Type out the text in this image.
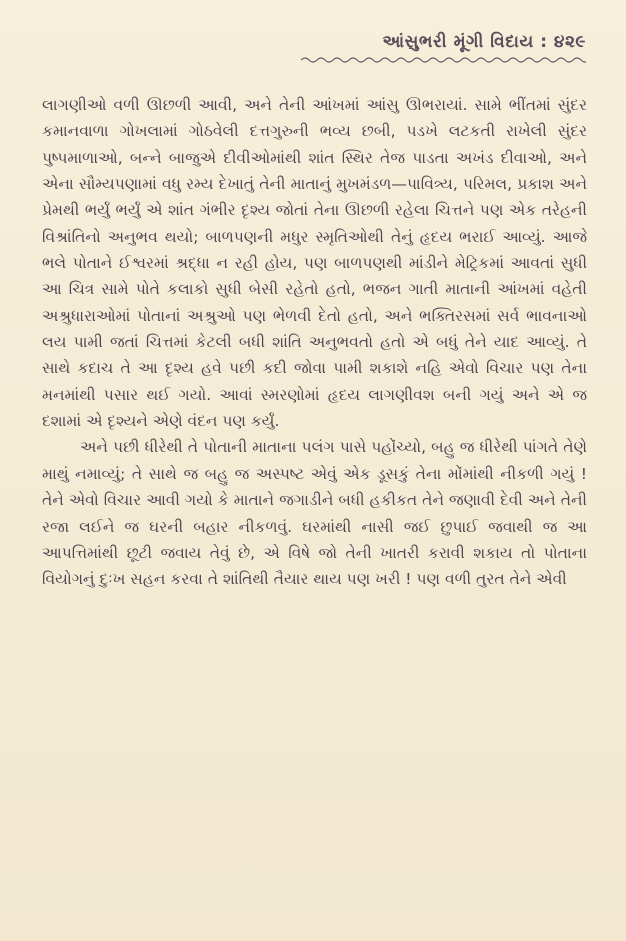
આંસુભરી મૂંગી વિદાય : ૪૨૯

લાગણીઓ વળી ઊછળી આવી, અને તેની આંખમાં આંસુ ઊભરાયાં. સામે ભીંતમાં સુંદર કમાનવાળા ગોખલામાં ગોઠવેલી દત્તગુરુની ભવ્ય છબી, પડખે લટકતી રાખેલી સુંદર પુષ્પમાળાઓ, બન્ને બાજુએ દીવીઓમાંથી શાંત સ્થિર તેજ પાડતા અખંડ દીવાઓ, અને એના સૌમ્યપણામાં વધુ રમ્ય દેખાતું તેની માતાનું મુખમંડળ—પાવિત્ર્ય, પરિમલ, પ્રકાશ અને પ્રેમથી ભર્યું ભર્યું એ શાંત ગંભીર દૃશ્ય જોતાં તેના ઊછળી રહેલા ચિત્તને પણ એક તરેહની વિશ્રાંતિનો અનુભવ થયો; બાળપણની મધુર સ્મૃતિઓથી તેનું હૃદય ભરાઈ આવ્યું. આજે ભલે પોતાને ઈશ્વરમાં શ્રદ્ધા ન રહી હોય, પણ બાળપણથી માંડીને મેટ્રિકમાં આવતાં સુધી આ ચિત્ર સામે પોતે કલાકો સુધી બેસી રહેતો હતો, ભજન ગાતી માતાની આંખમાં વહેતી અશ્રુધારાઓમાં પોતાનાં અશ્રુઓ પણ ભેળવી દેતો હતો, અને ભક્તિરસમાં સર્વ ભાવનાઓ લય પામી જતાં ચિત્તમાં કેટલી બધી શાંતિ અનુભવતો હતો એ બધું તેને યાદ આવ્યું. તે સાથે કદાચ તે આ દૃશ્ય હવે પછી કદી જોવા પામી શકાશે નહિ એવો વિચાર પણ તેના મનમાંથી પસાર થઈ ગયો. આવાં સ્મરણોમાં હૃદય લાગણીવશ બની ગયું અને એ જ દશામાં એ દૃશ્યને એણે વંદન પણ કર્યું.

અને પછી ધીરેથી તે પોતાની માતાના પલંગ પાસે પહોંચ્યો, બહુ જ ધીરેથી પાંગતે તેણે માથું નમાવ્યું; તે સાથે જ બહુ જ અસ્પષ્ટ એવું એક ડૂસકું તેના મોંમાંથી નીકળી ગયું ! તેને એવો વિચાર આવી ગયો કે માતાને જગાડીને બધી હકીકત તેને જણાવી દેવી અને તેની રજા લઈને જ ઘરની બહાર નીકળવું. ઘરમાંથી નાસી જઈ છુપાઈ જવાથી જ આ આપત્તિમાંથી છૂટી જવાય તેવું છે, એ વિષે જો તેની ખાતરી કરાવી શકાય તો પોતાના વિયોગનું દુઃખ સહન કરવા તે શાંતિથી તૈયાર થાય પણ ખરી ! પણ વળી તુરત તેને એવી
